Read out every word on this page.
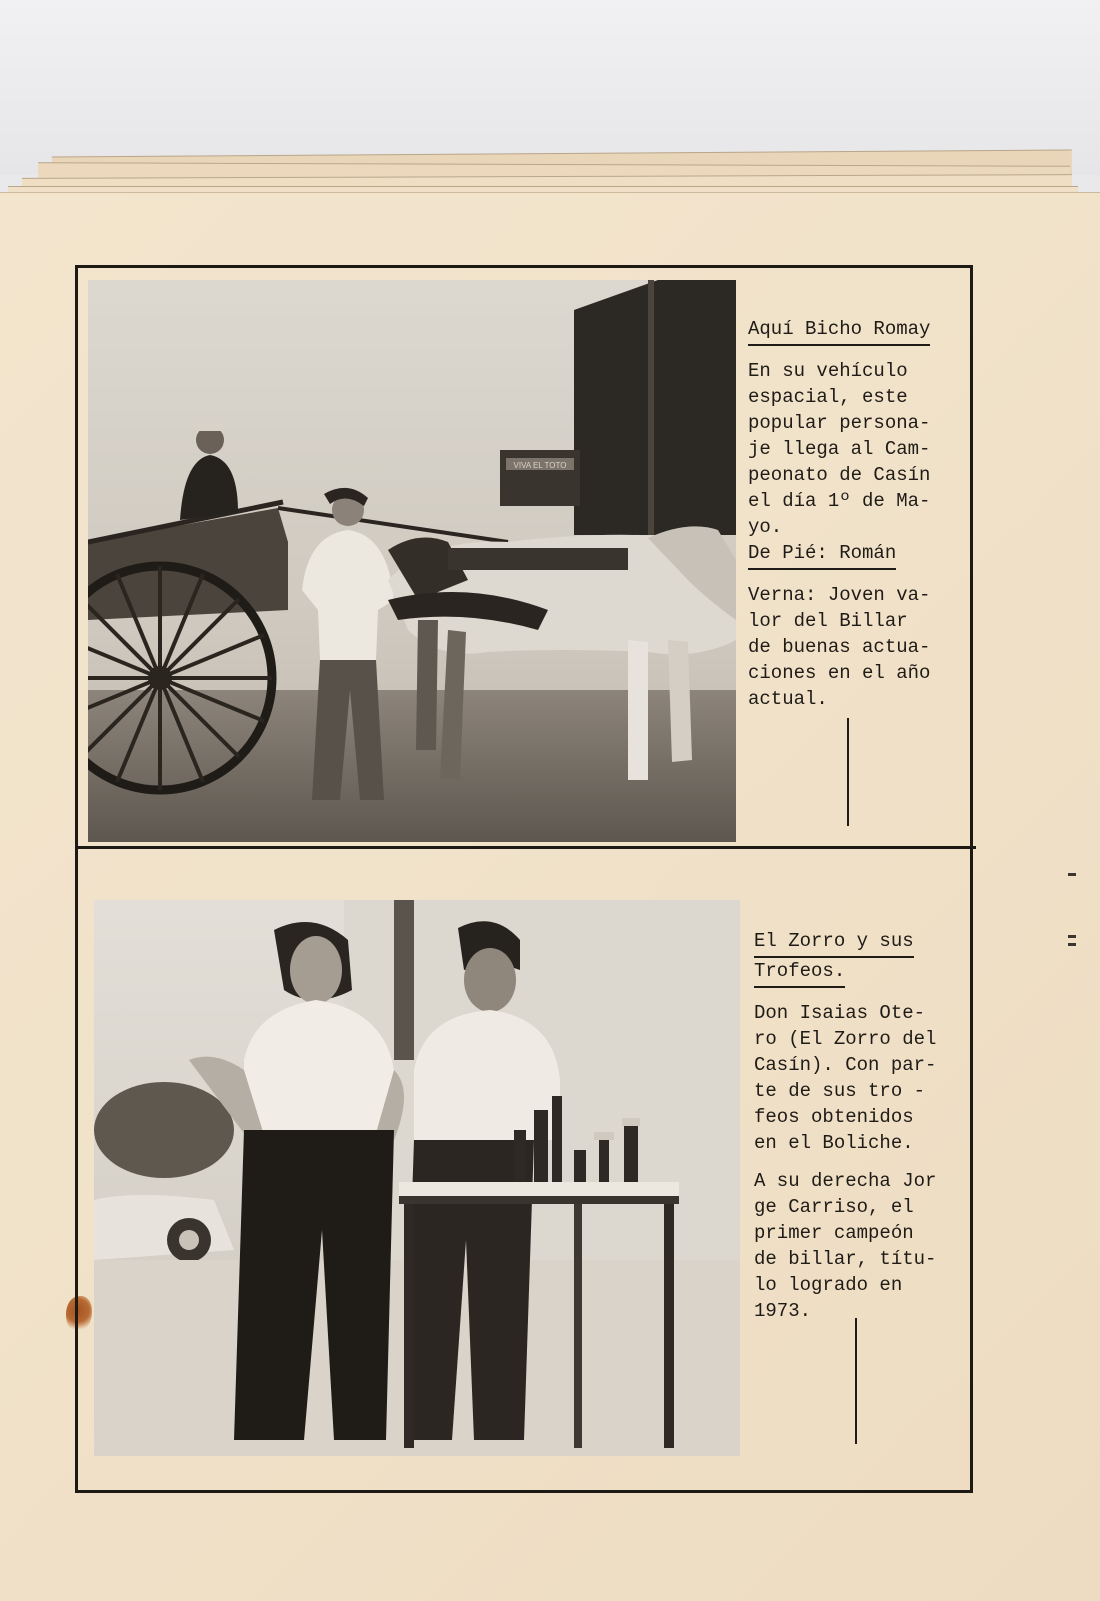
VIVA EL TOTO
Aquí Bicho Romay
En su vehículo
espacial, este
popular persona-
je llega al Cam-
peonato de Casín
el día 1º de Ma-
yo.
De Pié: Román
Verna: Joven va-
lor del Billar
de buenas actua-
ciones en el año
actual.
El Zorro y sus
Trofeos.
Don Isaias Ote-
ro (El Zorro del
Casín). Con par-
te de sus tro -
feos obtenidos
en el Boliche.
A su derecha Jor
ge Carriso, el
primer campeón
de billar, títu-
lo logrado en
1973.
